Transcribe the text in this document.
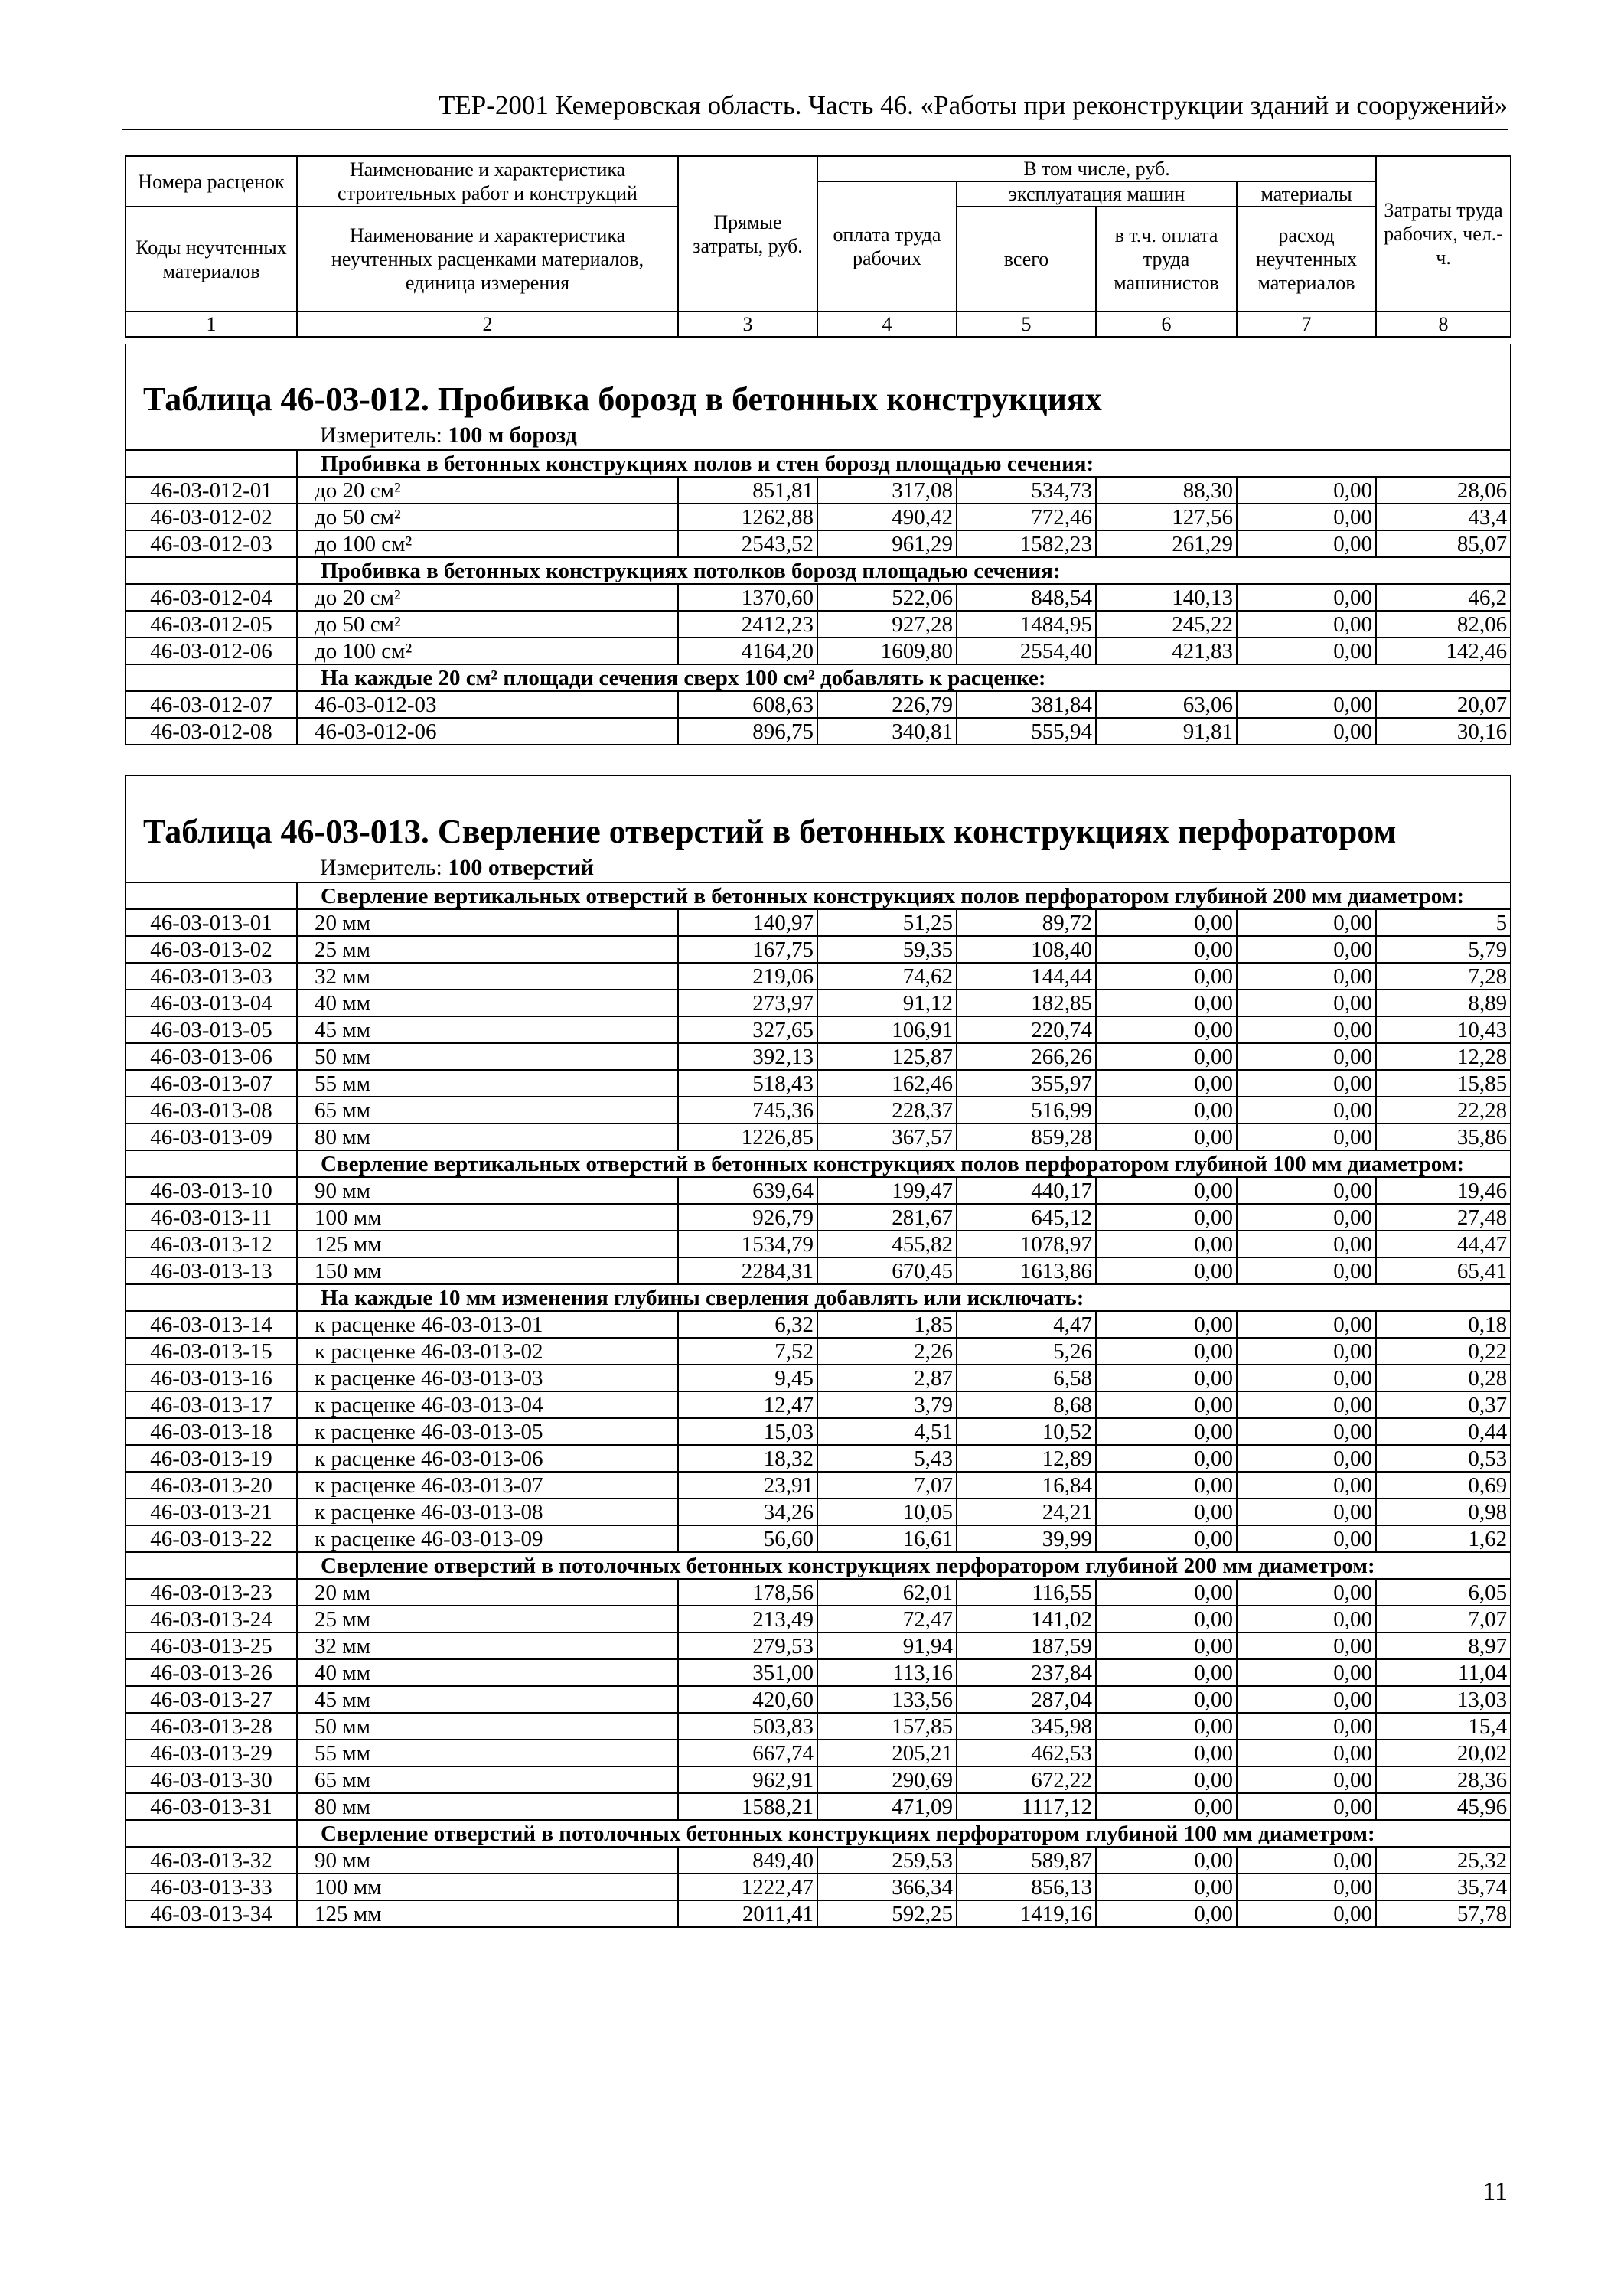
ТЕР-2001 Кемеровская область. Часть 46. «Работы при реконструкции зданий и сооружений»
Номера расценок	Наименование и характеристика строительных работ и конструкций	Прямые затраты, руб.	В том числе, руб.				Затраты труда рабочих, чел.-ч.
			оплата труда рабочих	эксплуатация машин		материалы	
Коды неучтенных материалов	Наименование и характеристика неучтенных расценками материалов, единица измерения			всего	в т.ч. оплата труда машинистов	расход неучтенных материалов	

1	2	3	4	5	6	7	8
Таблица 46-03-012. Пробивка борозд в бетонных конструкциях							
	Измеритель: 100 м борозд						
	Пробивка в бетонных конструкциях полов и стен борозд площадью сечения:						
46-03-012-01	до 20 см²	851,81	317,08	534,73	88,30	0,00	28,06
46-03-012-02	до 50 см²	1262,88	490,42	772,46	127,56	0,00	43,4
46-03-012-03	до 100 см²	2543,52	961,29	1582,23	261,29	0,00	85,07
	Пробивка в бетонных конструкциях потолков борозд площадью сечения:						
46-03-012-04	до 20 см²	1370,60	522,06	848,54	140,13	0,00	46,2
46-03-012-05	до 50 см²	2412,23	927,28	1484,95	245,22	0,00	82,06
46-03-012-06	до 100 см²	4164,20	1609,80	2554,40	421,83	0,00	142,46
	На каждые 20 см² площади сечения сверх 100 см² добавлять к расценке:						
46-03-012-07	46-03-012-03	608,63	226,79	381,84	63,06	0,00	20,07
46-03-012-08	46-03-012-06	896,75	340,81	555,94	91,81	0,00	30,16

Таблица 46-03-013. Сверление отверстий в бетонных конструкциях перфоратором							
	Измеритель: 100 отверстий						
	Сверление вертикальных отверстий в бетонных конструкциях полов перфоратором глубиной 200 мм диаметром:						
46-03-013-01	20 мм	140,97	51,25	89,72	0,00	0,00	5
46-03-013-02	25 мм	167,75	59,35	108,40	0,00	0,00	5,79
46-03-013-03	32 мм	219,06	74,62	144,44	0,00	0,00	7,28
46-03-013-04	40 мм	273,97	91,12	182,85	0,00	0,00	8,89
46-03-013-05	45 мм	327,65	106,91	220,74	0,00	0,00	10,43
46-03-013-06	50 мм	392,13	125,87	266,26	0,00	0,00	12,28
46-03-013-07	55 мм	518,43	162,46	355,97	0,00	0,00	15,85
46-03-013-08	65 мм	745,36	228,37	516,99	0,00	0,00	22,28
46-03-013-09	80 мм	1226,85	367,57	859,28	0,00	0,00	35,86
	Сверление вертикальных отверстий в бетонных конструкциях полов перфоратором глубиной 100 мм диаметром:						
46-03-013-10	90 мм	639,64	199,47	440,17	0,00	0,00	19,46
46-03-013-11	100 мм	926,79	281,67	645,12	0,00	0,00	27,48
46-03-013-12	125 мм	1534,79	455,82	1078,97	0,00	0,00	44,47
46-03-013-13	150 мм	2284,31	670,45	1613,86	0,00	0,00	65,41
	На каждые 10 мм изменения глубины сверления добавлять или исключать:						
46-03-013-14	к расценке 46-03-013-01	6,32	1,85	4,47	0,00	0,00	0,18
46-03-013-15	к расценке 46-03-013-02	7,52	2,26	5,26	0,00	0,00	0,22
46-03-013-16	к расценке 46-03-013-03	9,45	2,87	6,58	0,00	0,00	0,28
46-03-013-17	к расценке 46-03-013-04	12,47	3,79	8,68	0,00	0,00	0,37
46-03-013-18	к расценке 46-03-013-05	15,03	4,51	10,52	0,00	0,00	0,44
46-03-013-19	к расценке 46-03-013-06	18,32	5,43	12,89	0,00	0,00	0,53
46-03-013-20	к расценке 46-03-013-07	23,91	7,07	16,84	0,00	0,00	0,69
46-03-013-21	к расценке 46-03-013-08	34,26	10,05	24,21	0,00	0,00	0,98
46-03-013-22	к расценке 46-03-013-09	56,60	16,61	39,99	0,00	0,00	1,62
	Сверление отверстий в потолочных бетонных конструкциях перфоратором глубиной 200 мм диаметром:						
46-03-013-23	20 мм	178,56	62,01	116,55	0,00	0,00	6,05
46-03-013-24	25 мм	213,49	72,47	141,02	0,00	0,00	7,07
46-03-013-25	32 мм	279,53	91,94	187,59	0,00	0,00	8,97
46-03-013-26	40 мм	351,00	113,16	237,84	0,00	0,00	11,04
46-03-013-27	45 мм	420,60	133,56	287,04	0,00	0,00	13,03
46-03-013-28	50 мм	503,83	157,85	345,98	0,00	0,00	15,4
46-03-013-29	55 мм	667,74	205,21	462,53	0,00	0,00	20,02
46-03-013-30	65 мм	962,91	290,69	672,22	0,00	0,00	28,36
46-03-013-31	80 мм	1588,21	471,09	1117,12	0,00	0,00	45,96
	Сверление отверстий в потолочных бетонных конструкциях перфоратором глубиной 100 мм диаметром:						
46-03-013-32	90 мм	849,40	259,53	589,87	0,00	0,00	25,32
46-03-013-33	100 мм	1222,47	366,34	856,13	0,00	0,00	35,74
46-03-013-34	125 мм	2011,41	592,25	1419,16	0,00	0,00	57,78
11
